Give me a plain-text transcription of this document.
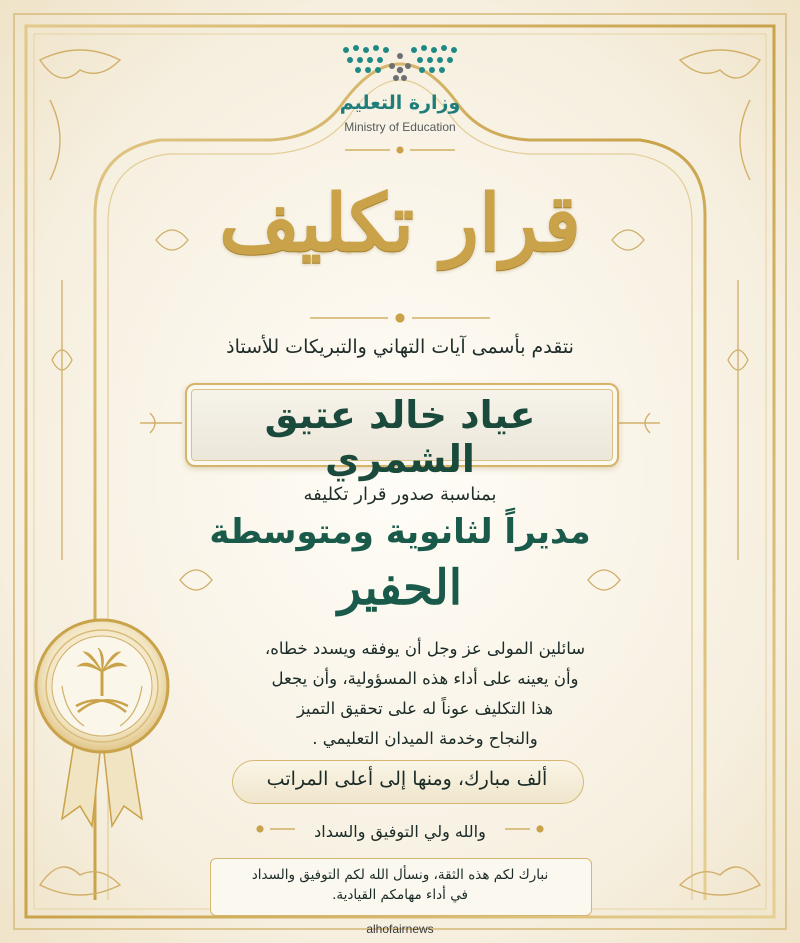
وزارة التعليم
Ministry of Education
قرار تكليف
نتقدم بأسمى آيات التهاني والتبريكات للأستاذ
عياد خالد عتيق الشمري
بمناسبة صدور قرار تكليفه
مديراً لثانوية ومتوسطة
الحفير
سائلين المولى عز وجل أن يوفقه ويسدد خطاه،
وأن يعينه على أداء هذه المسؤولية، وأن يجعل
هذا التكليف عوناً له على تحقيق التميز
والنجاح وخدمة الميدان التعليمي .
ألف مبارك، ومنها إلى أعلى المراتب
والله ولي التوفيق والسداد
نبارك لكم هذه الثقة، ونسأل الله لكم التوفيق والسداد
في أداء مهامكم القيادية.
alhofairnews
